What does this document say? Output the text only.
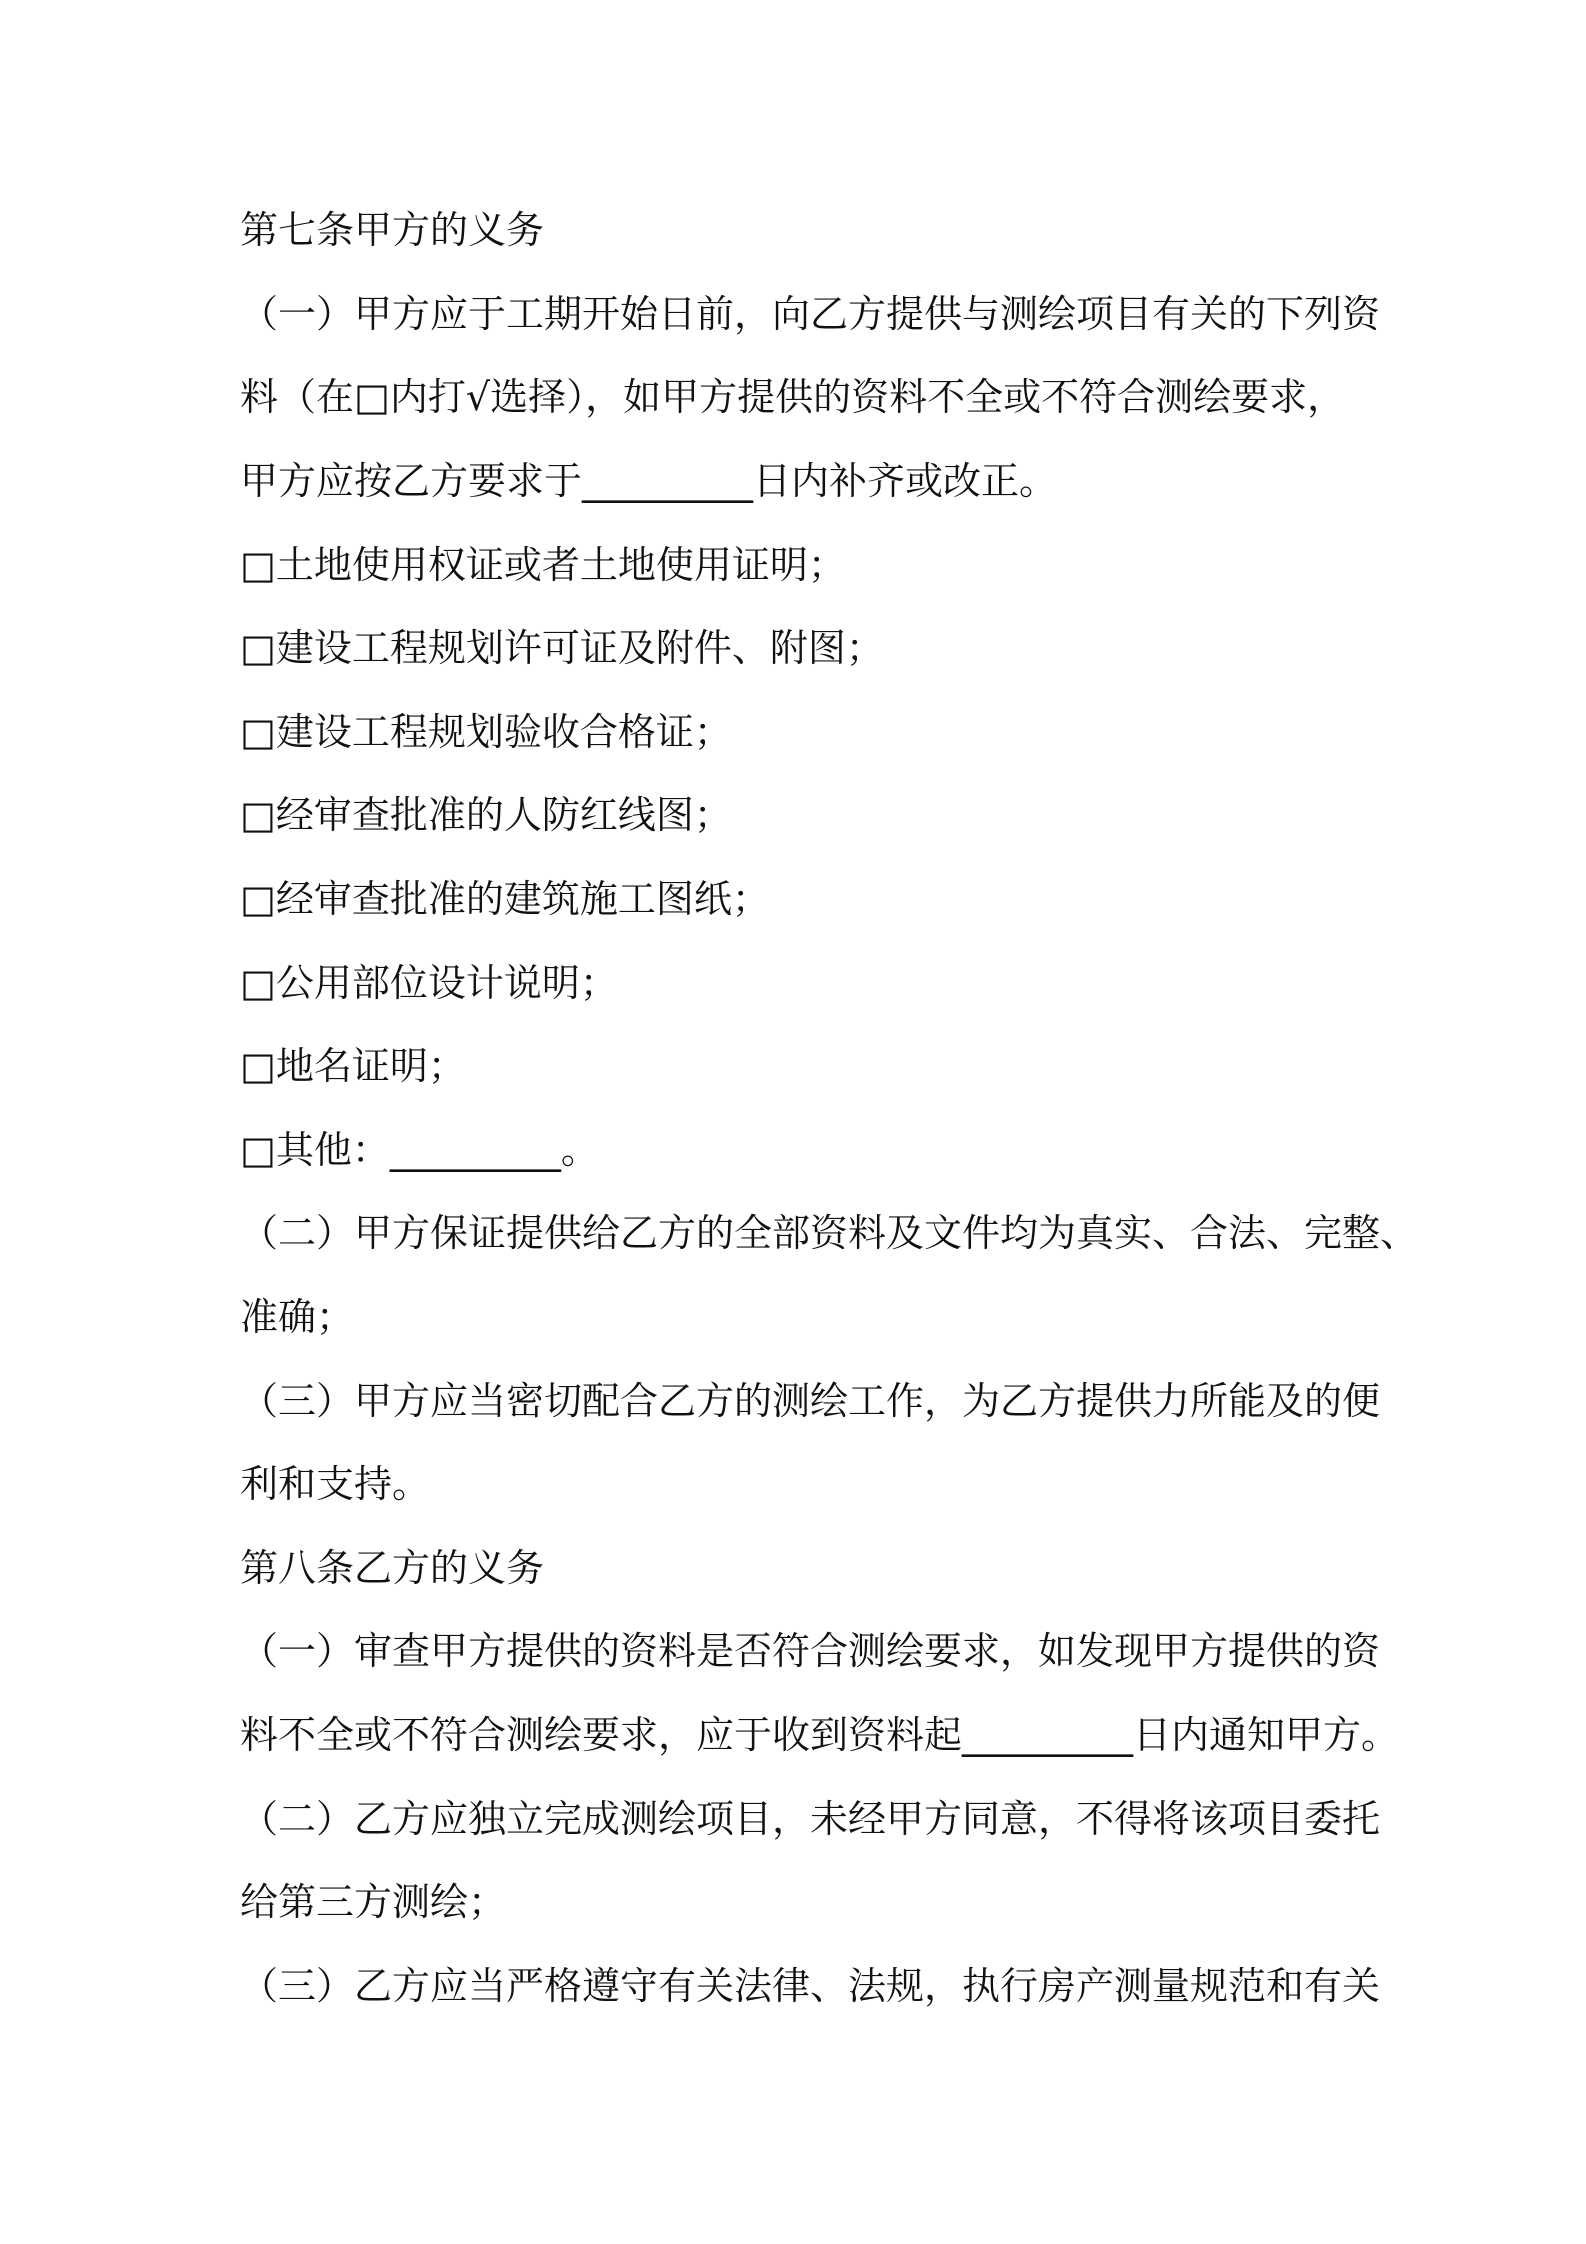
第七条甲方的义务
（一）甲方应于工期开始日前，向乙方提供与测绘项目有关的下列资
料（在□内打√选择），如甲方提供的资料不全或不符合测绘要求，
甲方应按乙方要求于_________日内补齐或改正。
□土地使用权证或者土地使用证明；
□建设工程规划许可证及附件、附图；
□建设工程规划验收合格证；
□经审查批准的人防红线图；
□经审查批准的建筑施工图纸；
□公用部位设计说明；
□地名证明；
□其他：_________。
（二）甲方保证提供给乙方的全部资料及文件均为真实、合法、完整、
准确；
（三）甲方应当密切配合乙方的测绘工作，为乙方提供力所能及的便
利和支持。
第八条乙方的义务
（一）审查甲方提供的资料是否符合测绘要求，如发现甲方提供的资
料不全或不符合测绘要求，应于收到资料起_________日内通知甲方。
（二）乙方应独立完成测绘项目，未经甲方同意，不得将该项目委托
给第三方测绘；
（三）乙方应当严格遵守有关法律、法规，执行房产测量规范和有关
